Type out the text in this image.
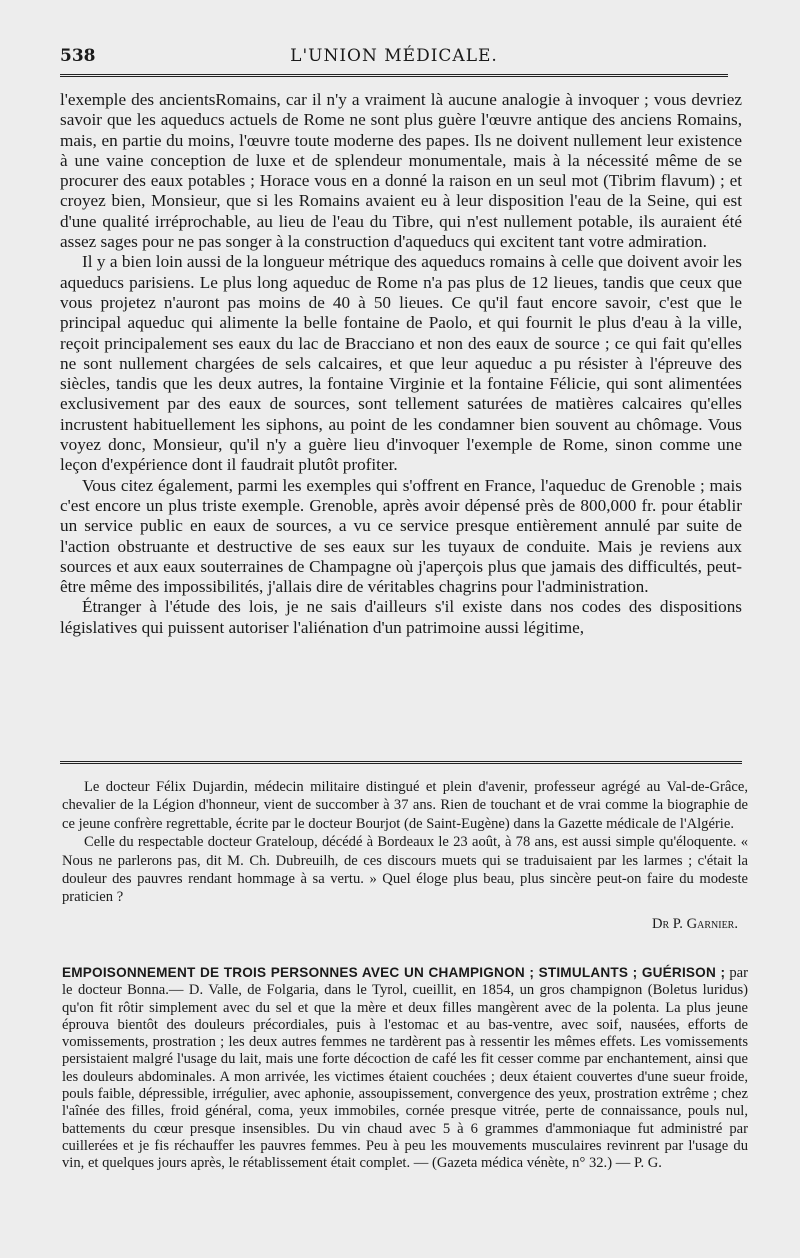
538	L'UNION MÉDICALE.

l'exemple des ancientsRomains, car il n'y a vraiment là aucune analogie à invoquer ; vous devriez savoir que les aqueducs actuels de Rome ne sont plus guère l'œuvre antique des anciens Romains, mais, en partie du moins, l'œuvre toute moderne des papes. Ils ne doivent nullement leur existence à une vaine conception de luxe et de splendeur monumentale, mais à la nécessité même de se procurer des eaux potables ; Horace vous en a donné la raison en un seul mot (Tibrim flavum) ; et croyez bien, Monsieur, que si les Romains avaient eu à leur disposition l'eau de la Seine, qui est d'une qualité irréprochable, au lieu de l'eau du Tibre, qui n'est nullement potable, ils auraient été assez sages pour ne pas songer à la construction d'aqueducs qui excitent tant votre admiration.

Il y a bien loin aussi de la longueur métrique des aqueducs romains à celle que doivent avoir les aqueducs parisiens. Le plus long aqueduc de Rome n'a pas plus de 12 lieues, tandis que ceux que vous projetez n'auront pas moins de 40 à 50 lieues. Ce qu'il faut encore savoir, c'est que le principal aqueduc qui alimente la belle fontaine de Paolo, et qui fournit le plus d'eau à la ville, reçoit principalement ses eaux du lac de Bracciano et non des eaux de source ; ce qui fait qu'elles ne sont nullement chargées de sels calcaires, et que leur aqueduc a pu résister à l'épreuve des siècles, tandis que les deux autres, la fontaine Virginie et la fontaine Félicie, qui sont alimentées exclusivement par des eaux de sources, sont tellement saturées de matières calcaires qu'elles incrustent habituellement les siphons, au point de les condamner bien souvent au chômage. Vous voyez donc, Monsieur, qu'il n'y a guère lieu d'invoquer l'exemple de Rome, sinon comme une leçon d'expérience dont il faudrait plutôt profiter.

Vous citez également, parmi les exemples qui s'offrent en France, l'aqueduc de Grenoble ; mais c'est encore un plus triste exemple. Grenoble, après avoir dépensé près de 800,000 fr. pour établir un service public en eaux de sources, a vu ce service presque entièrement annulé par suite de l'action obstruante et destructive de ses eaux sur les tuyaux de conduite. Mais je reviens aux sources et aux eaux souterraines de Champagne où j'aperçois plus que jamais des difficultés, peut-être même des impossibilités, j'allais dire de véritables chagrins pour l'administration.

Étranger à l'étude des lois, je ne sais d'ailleurs s'il existe dans nos codes des dispositions législatives qui puissent autoriser l'aliénation d'un patrimoine aussi légitime,

Le docteur Félix Dujardin, médecin militaire distingué et plein d'avenir, professeur agrégé au Val-de-Grâce, chevalier de la Légion d'honneur, vient de succomber à 37 ans. Rien de touchant et de vrai comme la biographie de ce jeune confrère regrettable, écrite par le docteur Bourjot (de Saint-Eugène) dans la Gazette médicale de l'Algérie.

Celle du respectable docteur Grateloup, décédé à Bordeaux le 23 août, à 78 ans, est aussi simple qu'éloquente. « Nous ne parlerons pas, dit M. Ch. Dubreuilh, de ces discours muets qui se traduisaient par les larmes ; c'était la douleur des pauvres rendant hommage à sa vertu. » Quel éloge plus beau, plus sincère peut-on faire du modeste praticien ?

Dr P. Garnier.

EMPOISONNEMENT DE TROIS PERSONNES AVEC UN CHAMPIGNON ; STIMULANTS ; GUÉRISON ; par le docteur Bonna.— D. Valle, de Folgaria, dans le Tyrol, cueillit, en 1854, un gros champignon (Boletus luridus) qu'on fit rôtir simplement avec du sel et que la mère et deux filles mangèrent avec de la polenta. La plus jeune éprouva bientôt des douleurs précordiales, puis à l'estomac et au bas-ventre, avec soif, nausées, efforts de vomissements, prostration ; les deux autres femmes ne tardèrent pas à ressentir les mêmes effets. Les vomissements persistaient malgré l'usage du lait, mais une forte décoction de café les fit cesser comme par enchantement, ainsi que les douleurs abdominales. A mon arrivée, les victimes étaient couchées ; deux étaient couvertes d'une sueur froide, pouls faible, dépressible, irrégulier, avec aphonie, assoupissement, convergence des yeux, prostration extrême ; chez l'aînée des filles, froid général, coma, yeux immobiles, cornée presque vitrée, perte de connaissance, pouls nul, battements du cœur presque insensibles. Du vin chaud avec 5 à 6 grammes d'ammoniaque fut administré par cuillerées et je fis réchauffer les pauvres femmes. Peu à peu les mouvements musculaires revinrent par l'usage du vin, et quelques jours après, le rétablissement était complet. — (Gazeta médica vénète, n° 32.) — P. G.
